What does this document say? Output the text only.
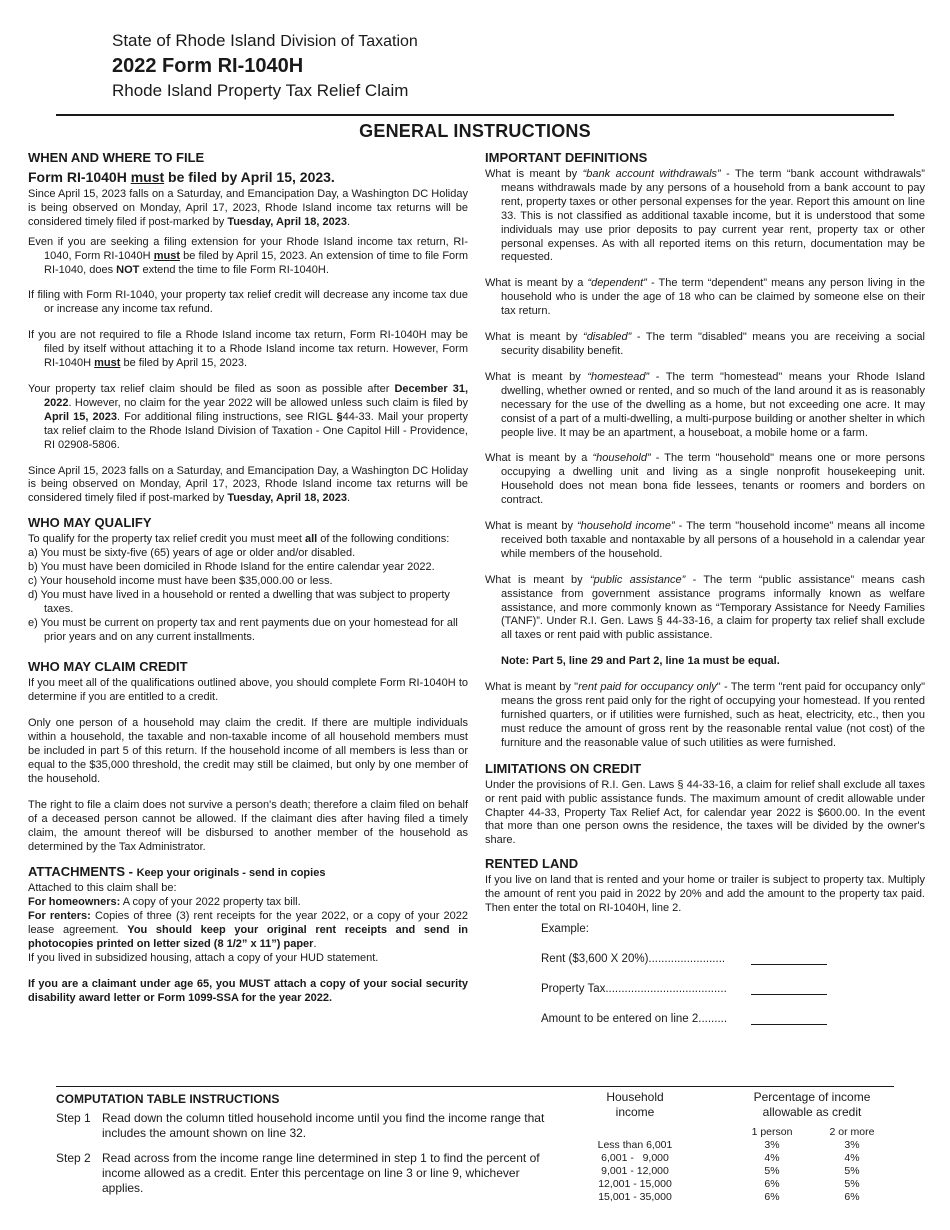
State of Rhode Island Division of Taxation
2022 Form RI-1040H
Rhode Island Property Tax Relief Claim
GENERAL INSTRUCTIONS
WHEN AND WHERE TO FILE
Form RI-1040H must be filed by April 15, 2023.

Since April 15, 2023 falls on a Saturday, and Emancipation Day, a Washington DC Holiday is being observed on Monday, April 17, 2023, Rhode Island income tax returns will be considered timely filed if post-marked by Tuesday, April 18, 2023.

Even if you are seeking a filing extension for your Rhode Island income tax return, RI-1040, Form RI-1040H must be filed by April 15, 2023. An extension of time to file Form RI-1040, does NOT extend the time to file Form RI-1040H.

If filing with Form RI-1040, your property tax relief credit will decrease any income tax due or increase any income tax refund.

If you are not required to file a Rhode Island income tax return, Form RI-1040H may be filed by itself without attaching it to a Rhode Island income tax return. However, Form RI-1040H must be filed by April 15, 2023.

Your property tax relief claim should be filed as soon as possible after December 31, 2022. However, no claim for the year 2022 will be allowed unless such claim is filed by April 15, 2023. For additional filing instructions, see RIGL §44-33. Mail your property tax relief claim to the Rhode Island Division of Taxation - One Capitol Hill - Providence, RI 02908-5806.

Since April 15, 2023 falls on a Saturday, and Emancipation Day, a Washington DC Holiday is being observed on Monday, April 17, 2023, Rhode Island income tax returns will be considered timely filed if post-marked by Tuesday, April 18, 2023.

WHO MAY QUALIFY

To qualify for the property tax relief credit you must meet all of the following conditions:

a) You must be sixty-five (65) years of age or older and/or disabled.

b) You must have been domiciled in Rhode Island for the entire calendar year 2022.

c) Your household income must have been $35,000.00 or less.

d) You must have lived in a household or rented a dwelling that was subject to property taxes.

e) You must be current on property tax and rent payments due on your homestead for all prior years and on any current installments.

WHO MAY CLAIM CREDIT

If you meet all of the qualifications outlined above, you should complete Form RI-1040H to determine if you are entitled to a credit.

Only one person of a household may claim the credit. If there are multiple individuals within a household, the taxable and non-taxable income of all household members must be included in part 5 of this return. If the household income of all members is less than or equal to the $35,000 threshold, the credit may still be claimed, but only by one member of the household.

The right to file a claim does not survive a person's death; therefore a claim filed on behalf of a deceased person cannot be allowed. If the claimant dies after having filed a timely claim, the amount thereof will be disbursed to another member of the household as determined by the Tax Administrator.

ATTACHMENTS - Keep your originals - send in copies

Attached to this claim shall be:

For homeowners: A copy of your 2022 property tax bill.

For renters: Copies of three (3) rent receipts for the year 2022, or a copy of your 2022 lease agreement. You should keep your original rent receipts and send in photocopies printed on letter sized (8 1/2” x 11”) paper.

If you lived in subsidized housing, attach a copy of your HUD statement.

If you are a claimant under age 65, you MUST attach a copy of your social security disability award letter or Form 1099-SSA for the year 2022.

IMPORTANT DEFINITIONS

What is meant by “bank account withdrawals” - The term “bank account withdrawals” means withdrawals made by any persons of a household from a bank account to pay rent, property taxes or other personal expenses for the year. Report this amount on line 33. This is not classified as additional taxable income, but it is understood that some individuals may use prior deposits to pay current year rent, property tax or other personal expenses. As with all reported items on this return, documentation may be requested.

What is meant by a “dependent” - The term “dependent” means any person living in the household who is under the age of 18 who can be claimed by someone else on their tax return.

What is meant by “disabled” - The term "disabled" means you are receiving a social security disability benefit.

What is meant by “homestead” - The term "homestead" means your Rhode Island dwelling, whether owned or rented, and so much of the land around it as is reasonably necessary for the use of the dwelling as a home, but not exceeding one acre. It may consist of a part of a multi-dwelling, a multi-purpose building or another shelter in which people live. It may be an apartment, a houseboat, a mobile home or a farm.

What is meant by a “household” - The term "household" means one or more persons occupying a dwelling unit and living as a single nonprofit housekeeping unit. Household does not mean bona fide lessees, tenants or roomers and borders on contract.

What is meant by “household income” - The term "household income" means all income received both taxable and nontaxable by all persons of a household in a calendar year while members of the household.

What is meant by “public assistance” - The term “public assistance” means cash assistance from government assistance programs informally known as welfare assistance, and more commonly known as “Temporary Assistance for Needy Families (TANF)”. Under R.I. Gen. Laws § 44-33-16, a claim for property tax relief shall exclude all taxes or rent paid with public assistance.

Note: Part 5, line 29 and Part 2, line 1a must be equal.

What is meant by "rent paid for occupancy only" - The term "rent paid for occupancy only" means the gross rent paid only for the right of occupying your homestead. If you rented furnished quarters, or if utilities were furnished, such as heat, electricity, etc., then you must reduce the amount of gross rent by the reasonable rental value (not cost) of the furniture and the reasonable value of such utilities as were furnished.

LIMITATIONS ON CREDIT

Under the provisions of R.I. Gen. Laws § 44-33-16, a claim for relief shall exclude all taxes or rent paid with public assistance funds. The maximum amount of credit allowable under Chapter 44-33, Property Tax Relief Act, for calendar year 2022 is $600.00. In the event that more than one person owns the residence, the taxes will be divided by the owner's share.

RENTED LAND

If you live on land that is rented and your home or trailer is subject to property tax. Multiply the amount of rent you paid in 2022 by 20% and add the amount to the property tax paid. Then enter the total on RI-1040H, line 2.

Example:
Rent ($3,600 X 20%)........................
Property Tax......................................
Amount to be entered on line 2.........
COMPUTATION TABLE INSTRUCTIONS
Step 1 Read down the column titled household income until you find the income range that includes the amount shown on line 32.
Step 2 Read across from the income range line determined in step 1 to find the percent of income allowed as a credit. Enter this percentage on line 3 or line 9, whichever applies.
Household
income
Percentage of income
allowable as credit
1 person	2 or more
Less than 6,001	3%	3%
6,001 -   9,000	4%	4%
9,001 - 12,000	5%	5%
12,001 - 15,000	6%	5%
15,001 - 35,000	6%	6%
